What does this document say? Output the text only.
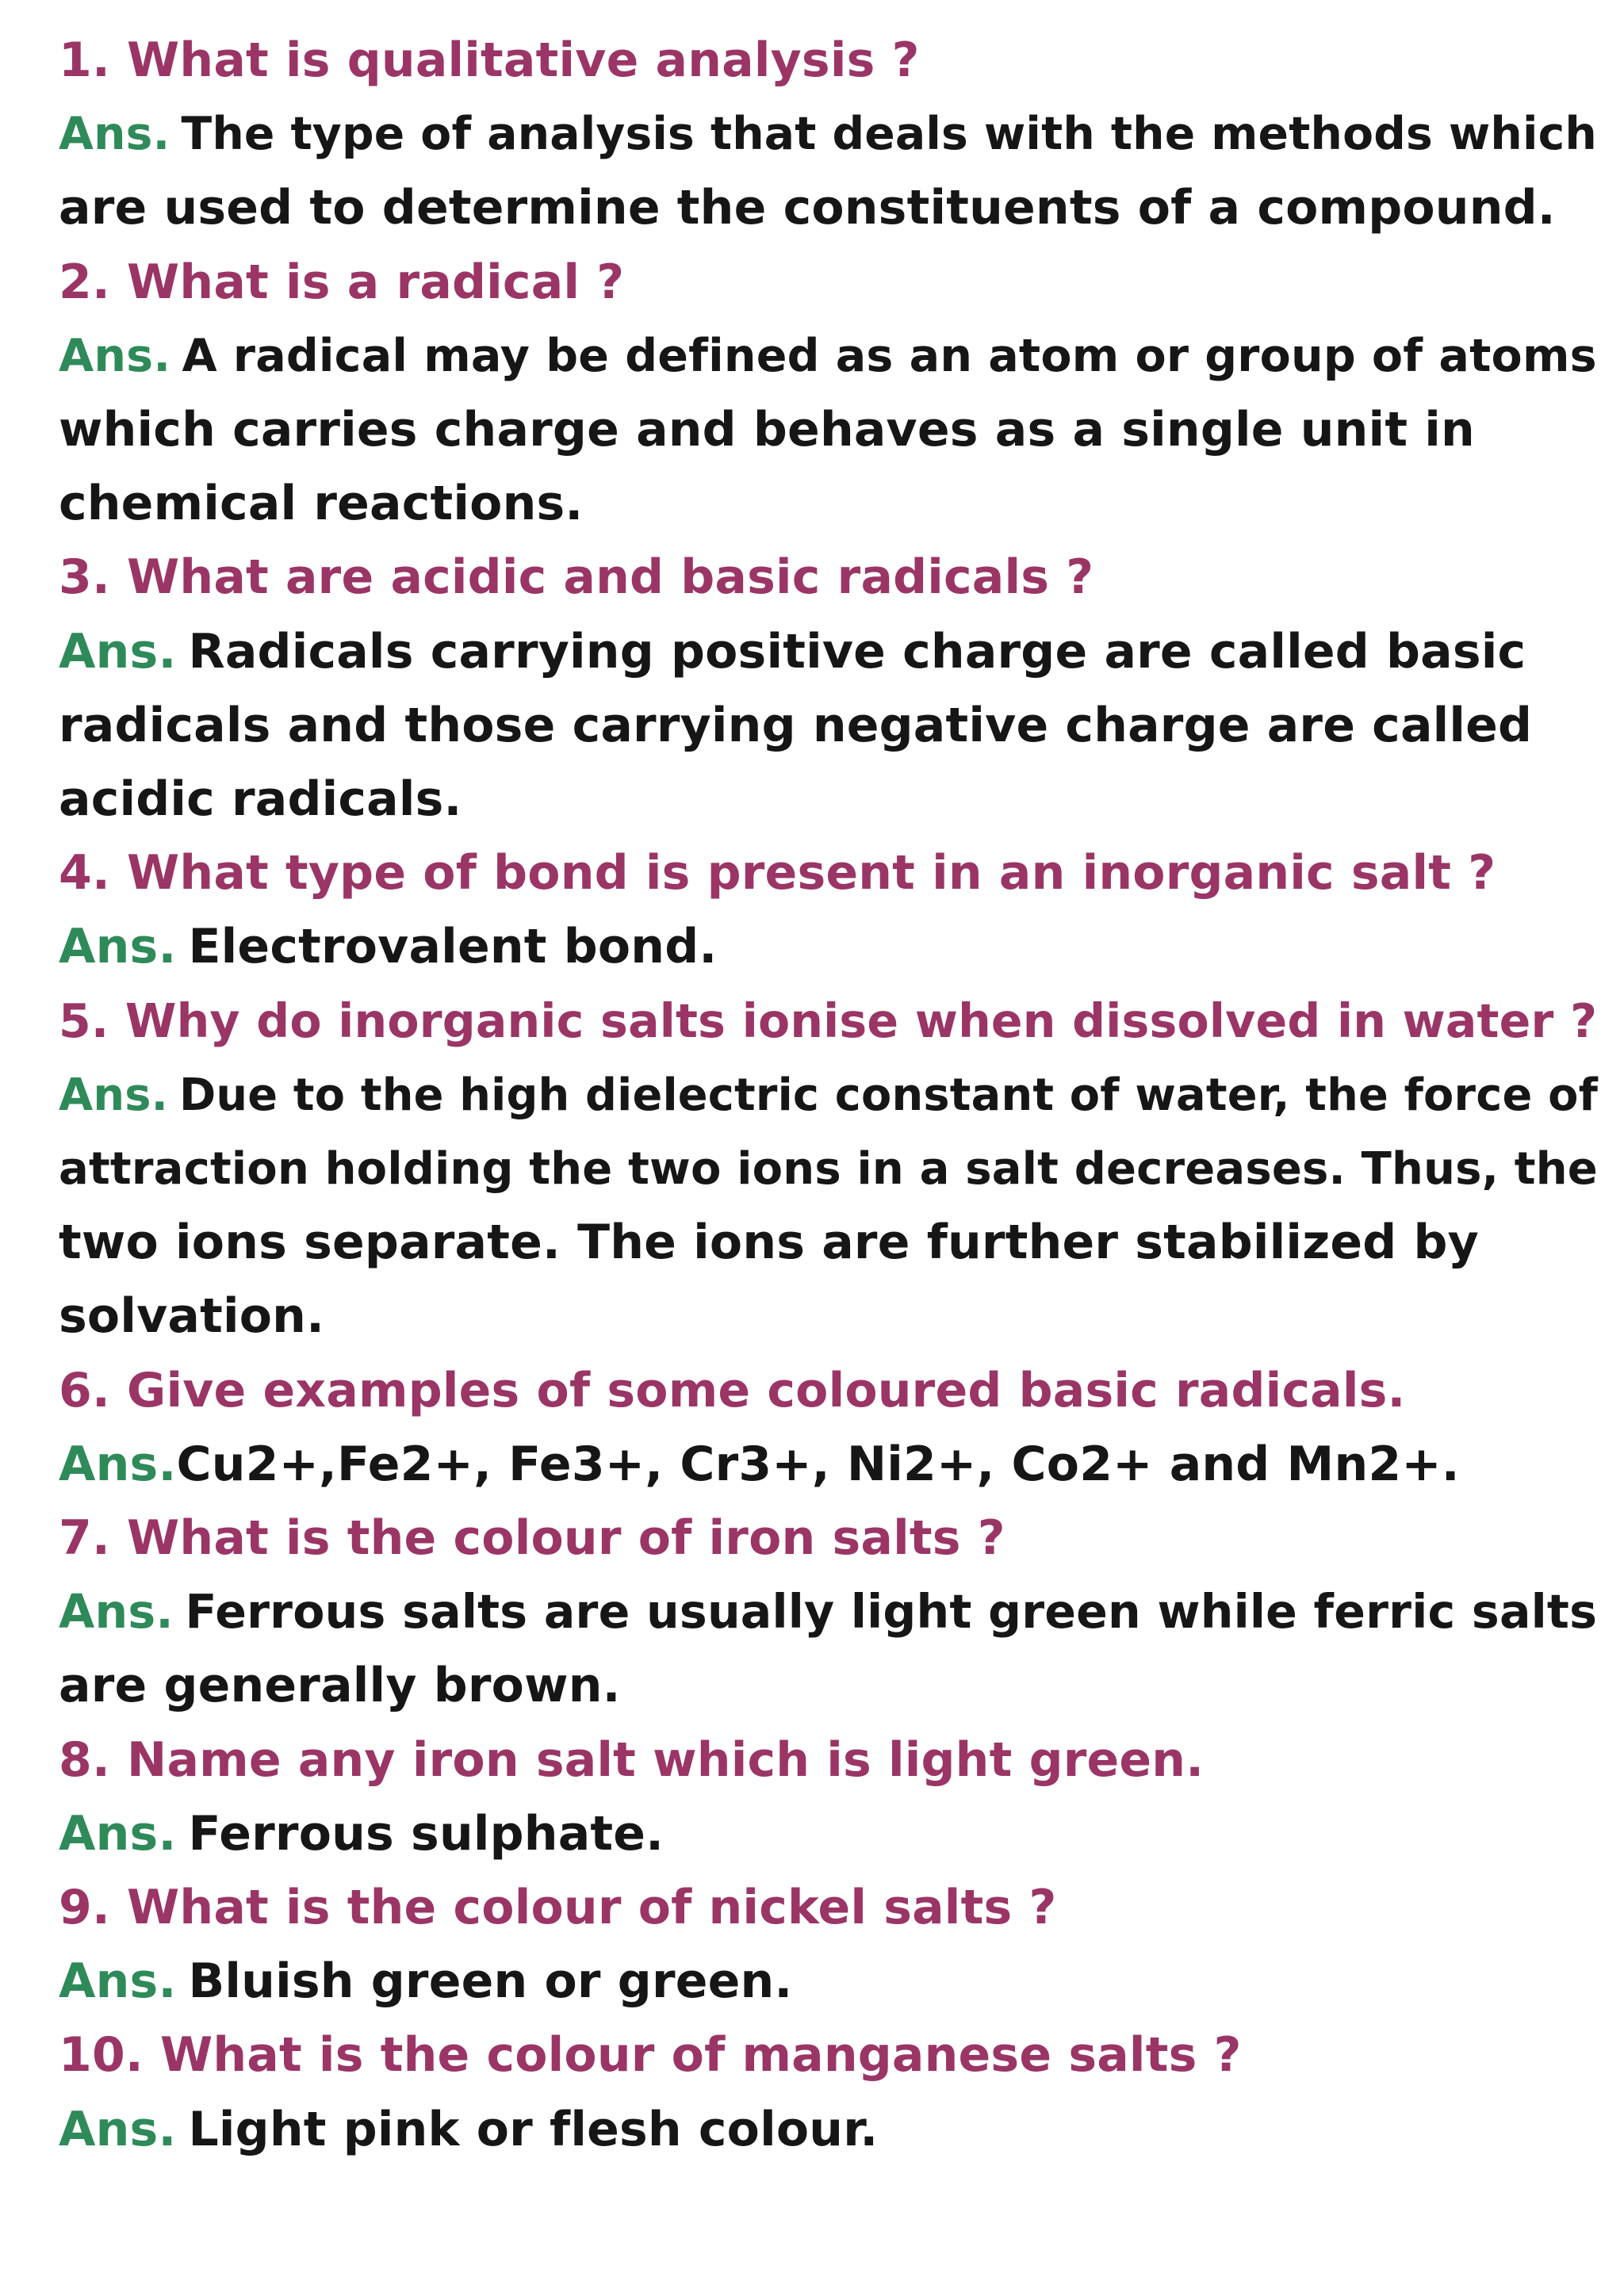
1. What is qualitative analysis ?
Ans. The type of analysis that deals with the methods which
are used to determine the constituents of a compound.
2. What is a radical ?
Ans. A radical may be defined as an atom or group of atoms
which carries charge and behaves as a single unit in
chemical reactions.
3. What are acidic and basic radicals ?
Ans. Radicals carrying positive charge are called basic
radicals and those carrying negative charge are called
acidic radicals.
4. What type of bond is present in an inorganic salt ?
Ans. Electrovalent bond.
5. Why do inorganic salts ionise when dissolved in water ?
Ans. Due to the high dielectric constant of water, the force of
attraction holding the two ions in a salt decreases. Thus, the
two ions separate. The ions are further stabilized by
solvation.
6. Give examples of some coloured basic radicals.
Ans.Cu2+,Fe2+, Fe3+, Cr3+, Ni2+, Co2+ and Mn2+.
7. What is the colour of iron salts ?
Ans. Ferrous salts are usually light green while ferric salts
are generally brown.
8. Name any iron salt which is light green.
Ans. Ferrous sulphate.
9. What is the colour of nickel salts ?
Ans. Bluish green or green.
10. What is the colour of manganese salts ?
Ans. Light pink or flesh colour.
